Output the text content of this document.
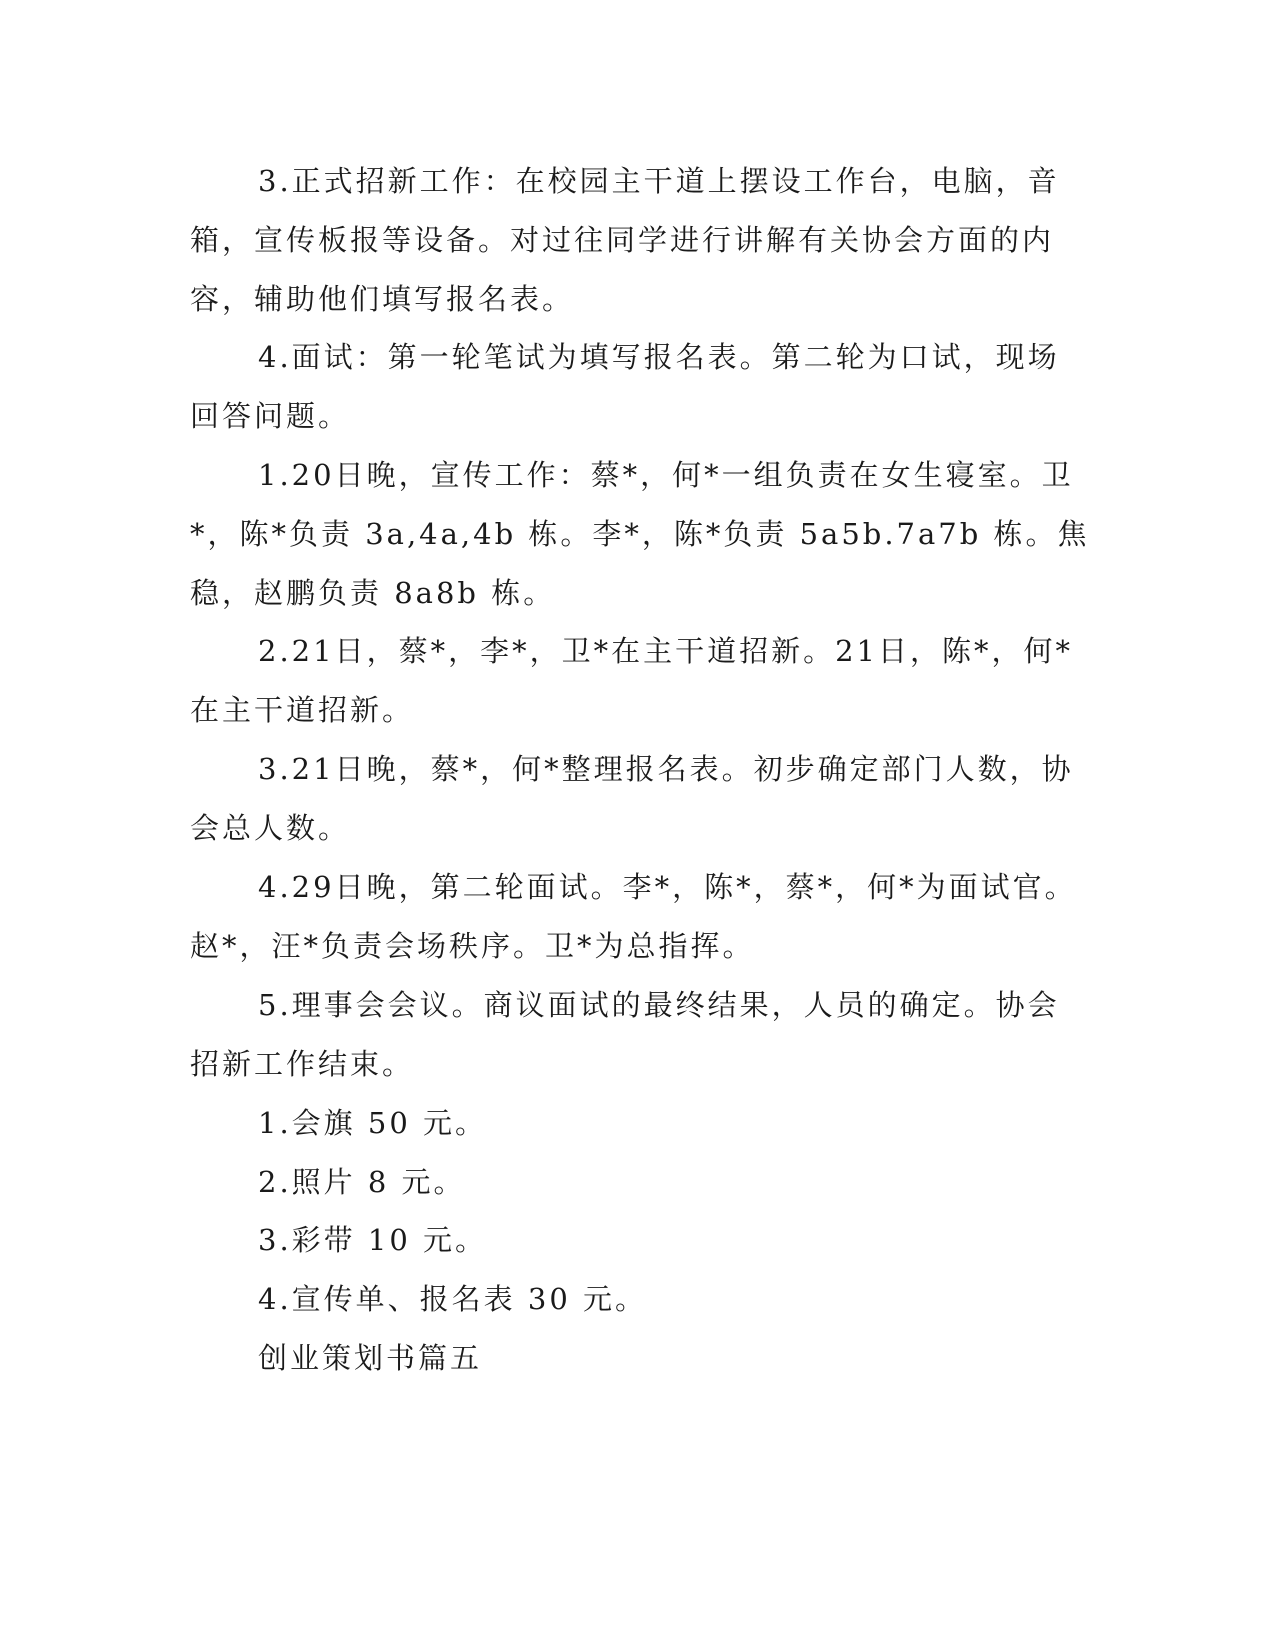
3.正式招新工作：在校园主干道上摆设工作台，电脑，音箱，宣传板报等设备。对过往同学进行讲解有关协会方面的内容，辅助他们填写报名表。

4.面试：第一轮笔试为填写报名表。第二轮为口试，现场回答问题。

1.20日晚，宣传工作：蔡*，何*一组负责在女生寝室。卫*，陈*负责 3a,4a,4b 栋。李*，陈*负责 5a5b.7a7b 栋。焦稳，赵鹏负责 8a8b 栋。

2.21日，蔡*，李*，卫*在主干道招新。21日，陈*，何*在主干道招新。

3.21日晚，蔡*，何*整理报名表。初步确定部门人数，协会总人数。

4.29日晚，第二轮面试。李*，陈*，蔡*，何*为面试官。赵*，汪*负责会场秩序。卫*为总指挥。

5.理事会会议。商议面试的最终结果，人员的确定。协会招新工作结束。

1.会旗 50 元。

2.照片 8 元。

3.彩带 10 元。

4.宣传单、报名表 30 元。

创业策划书篇五
